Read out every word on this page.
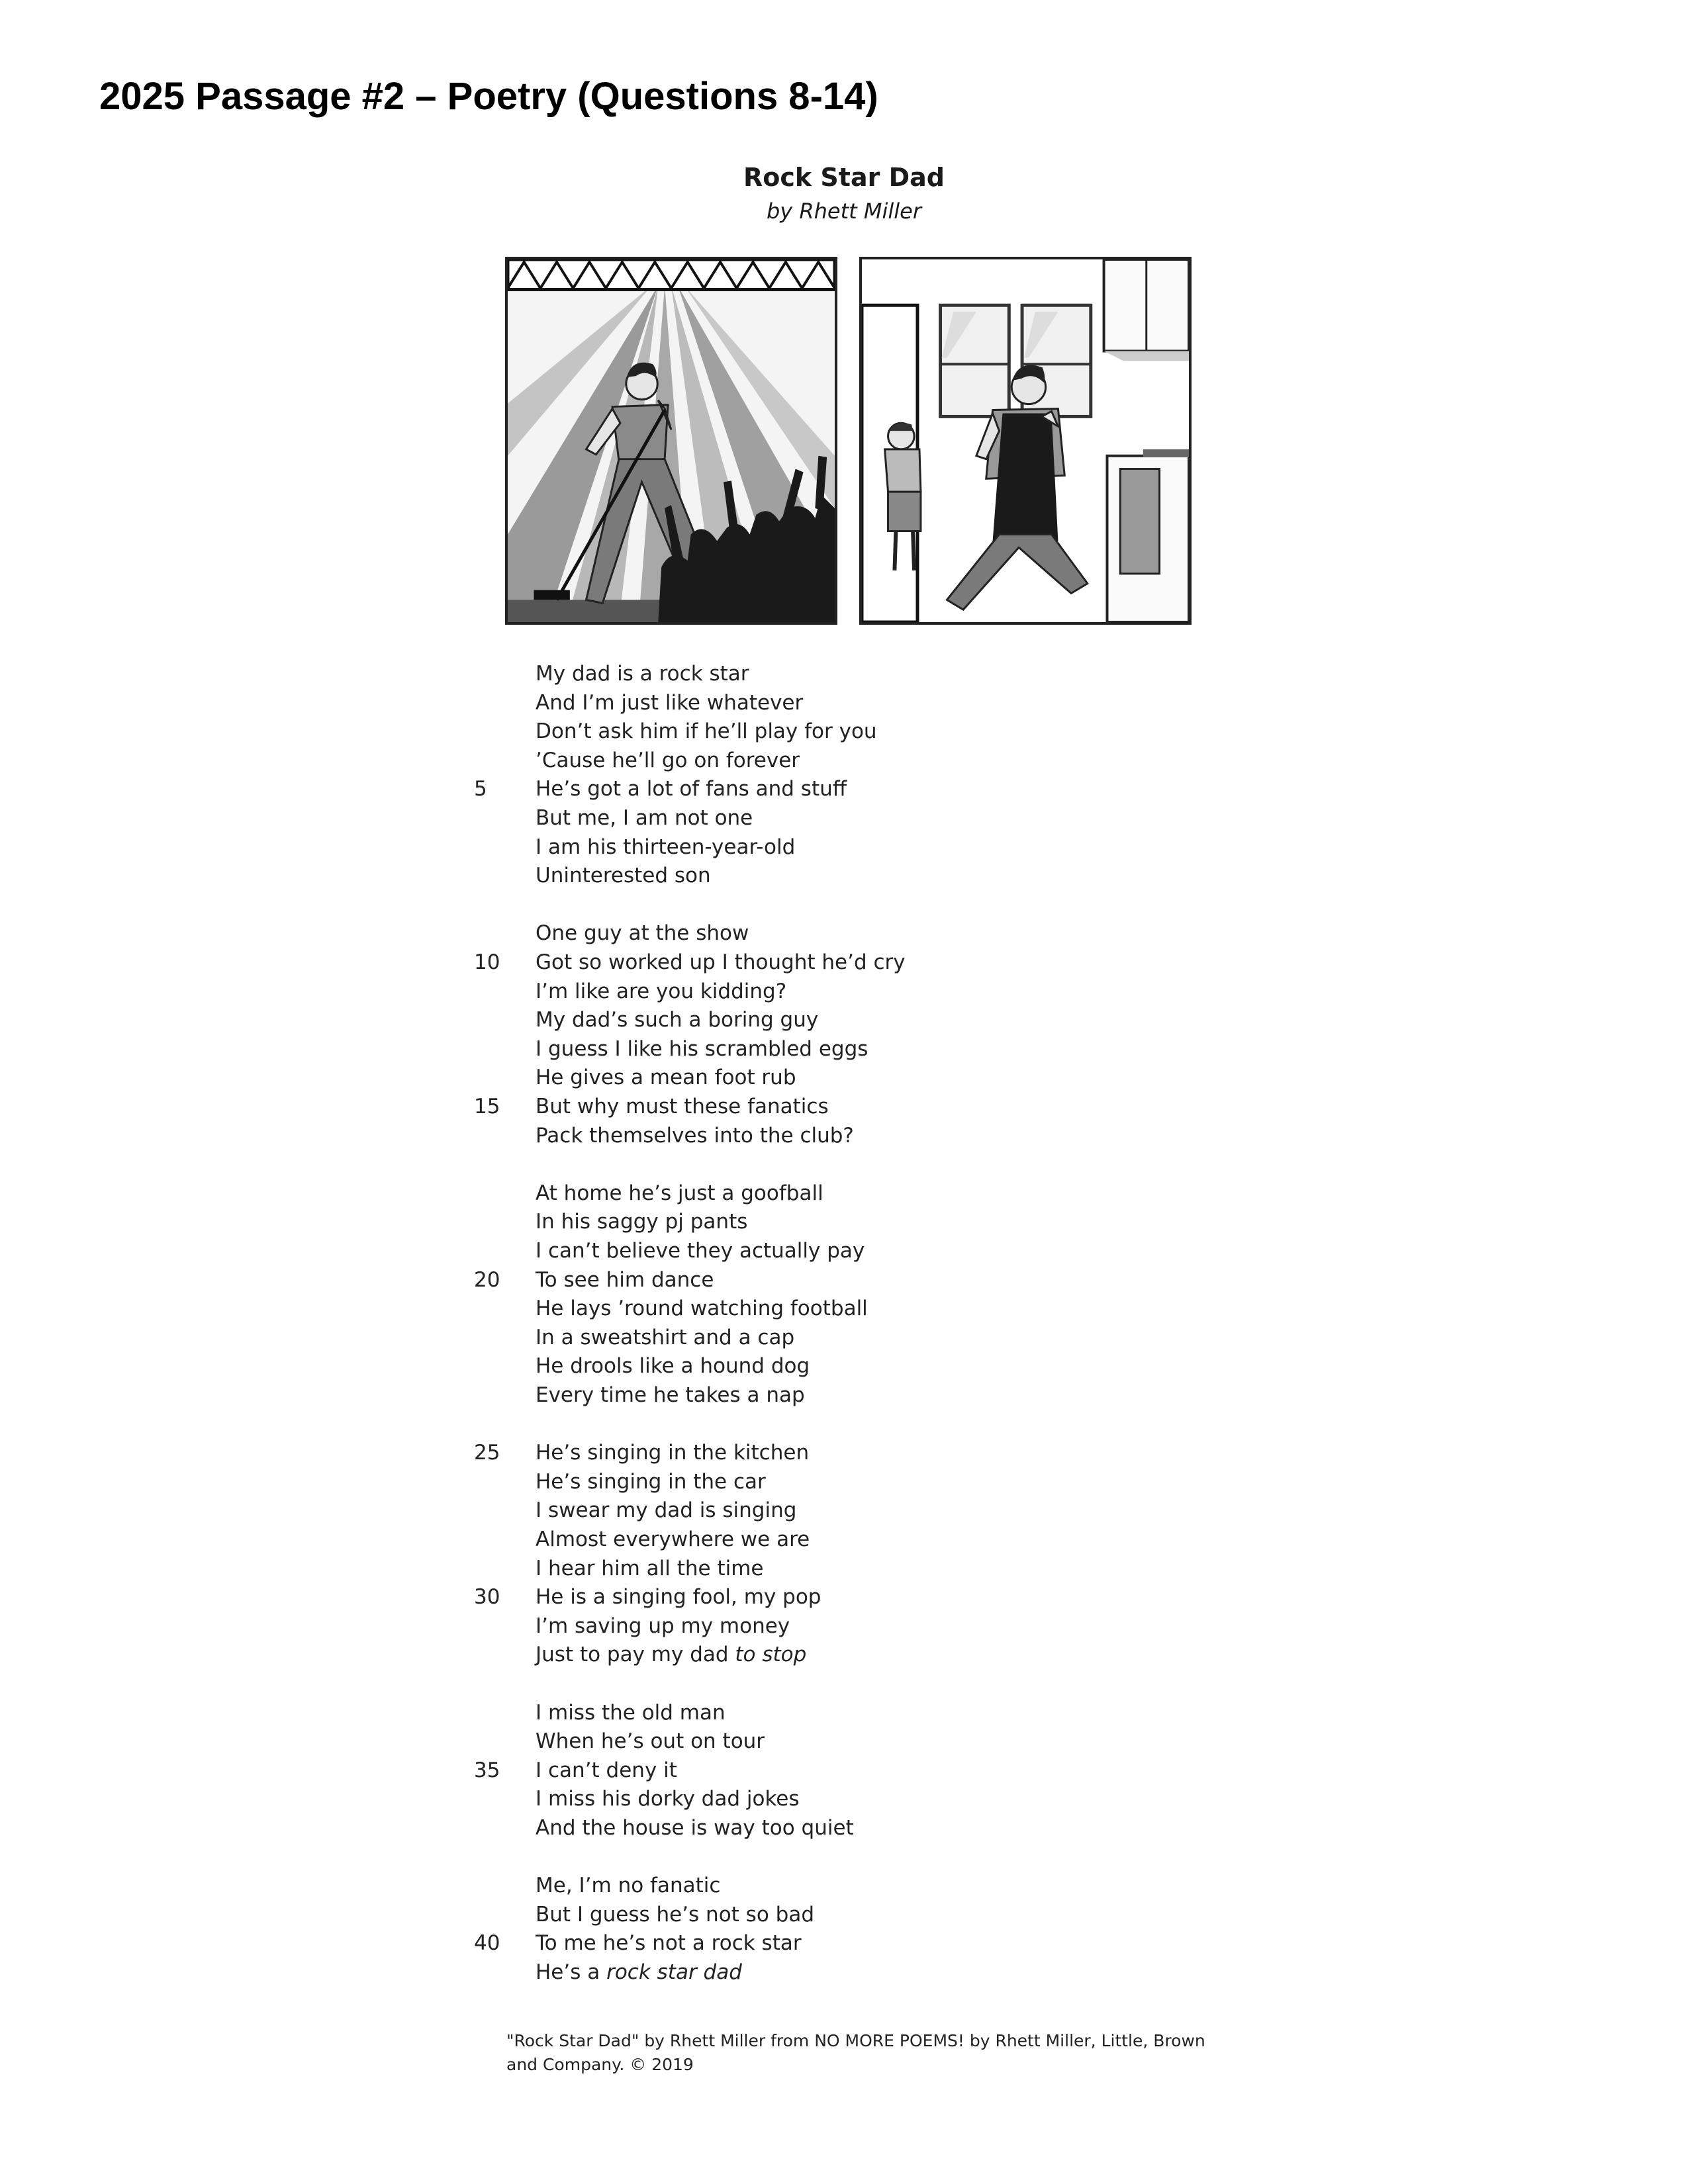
2025 Passage #2 – Poetry (Questions 8-14)
Rock Star Dad
by Rhett Miller
My dad is a rock star
And I’m just like whatever
Don’t ask him if he’ll play for you
’Cause he’ll go on forever
5	He’s got a lot of fans and stuff
But me, I am not one
I am his thirteen-year-old
Uninterested son
One guy at the show
10	Got so worked up I thought he’d cry
I’m like are you kidding?
My dad’s such a boring guy
I guess I like his scrambled eggs
He gives a mean foot rub
15	But why must these fanatics
Pack themselves into the club?
At home he’s just a goofball
In his saggy pj pants
I can’t believe they actually pay
20	To see him dance
He lays ’round watching football
In a sweatshirt and a cap
He drools like a hound dog
Every time he takes a nap
25	He’s singing in the kitchen
He’s singing in the car
I swear my dad is singing
Almost everywhere we are
I hear him all the time
30	He is a singing fool, my pop
I’m saving up my money
Just to pay my dad to stop
I miss the old man
When he’s out on tour
35	I can’t deny it
I miss his dorky dad jokes
And the house is way too quiet
Me, I’m no fanatic
But I guess he’s not so bad
40	To me he’s not a rock star
He’s a rock star dad
"Rock Star Dad" by Rhett Miller from NO MORE POEMS! by Rhett Miller, Little, Brown and Company. © 2019
